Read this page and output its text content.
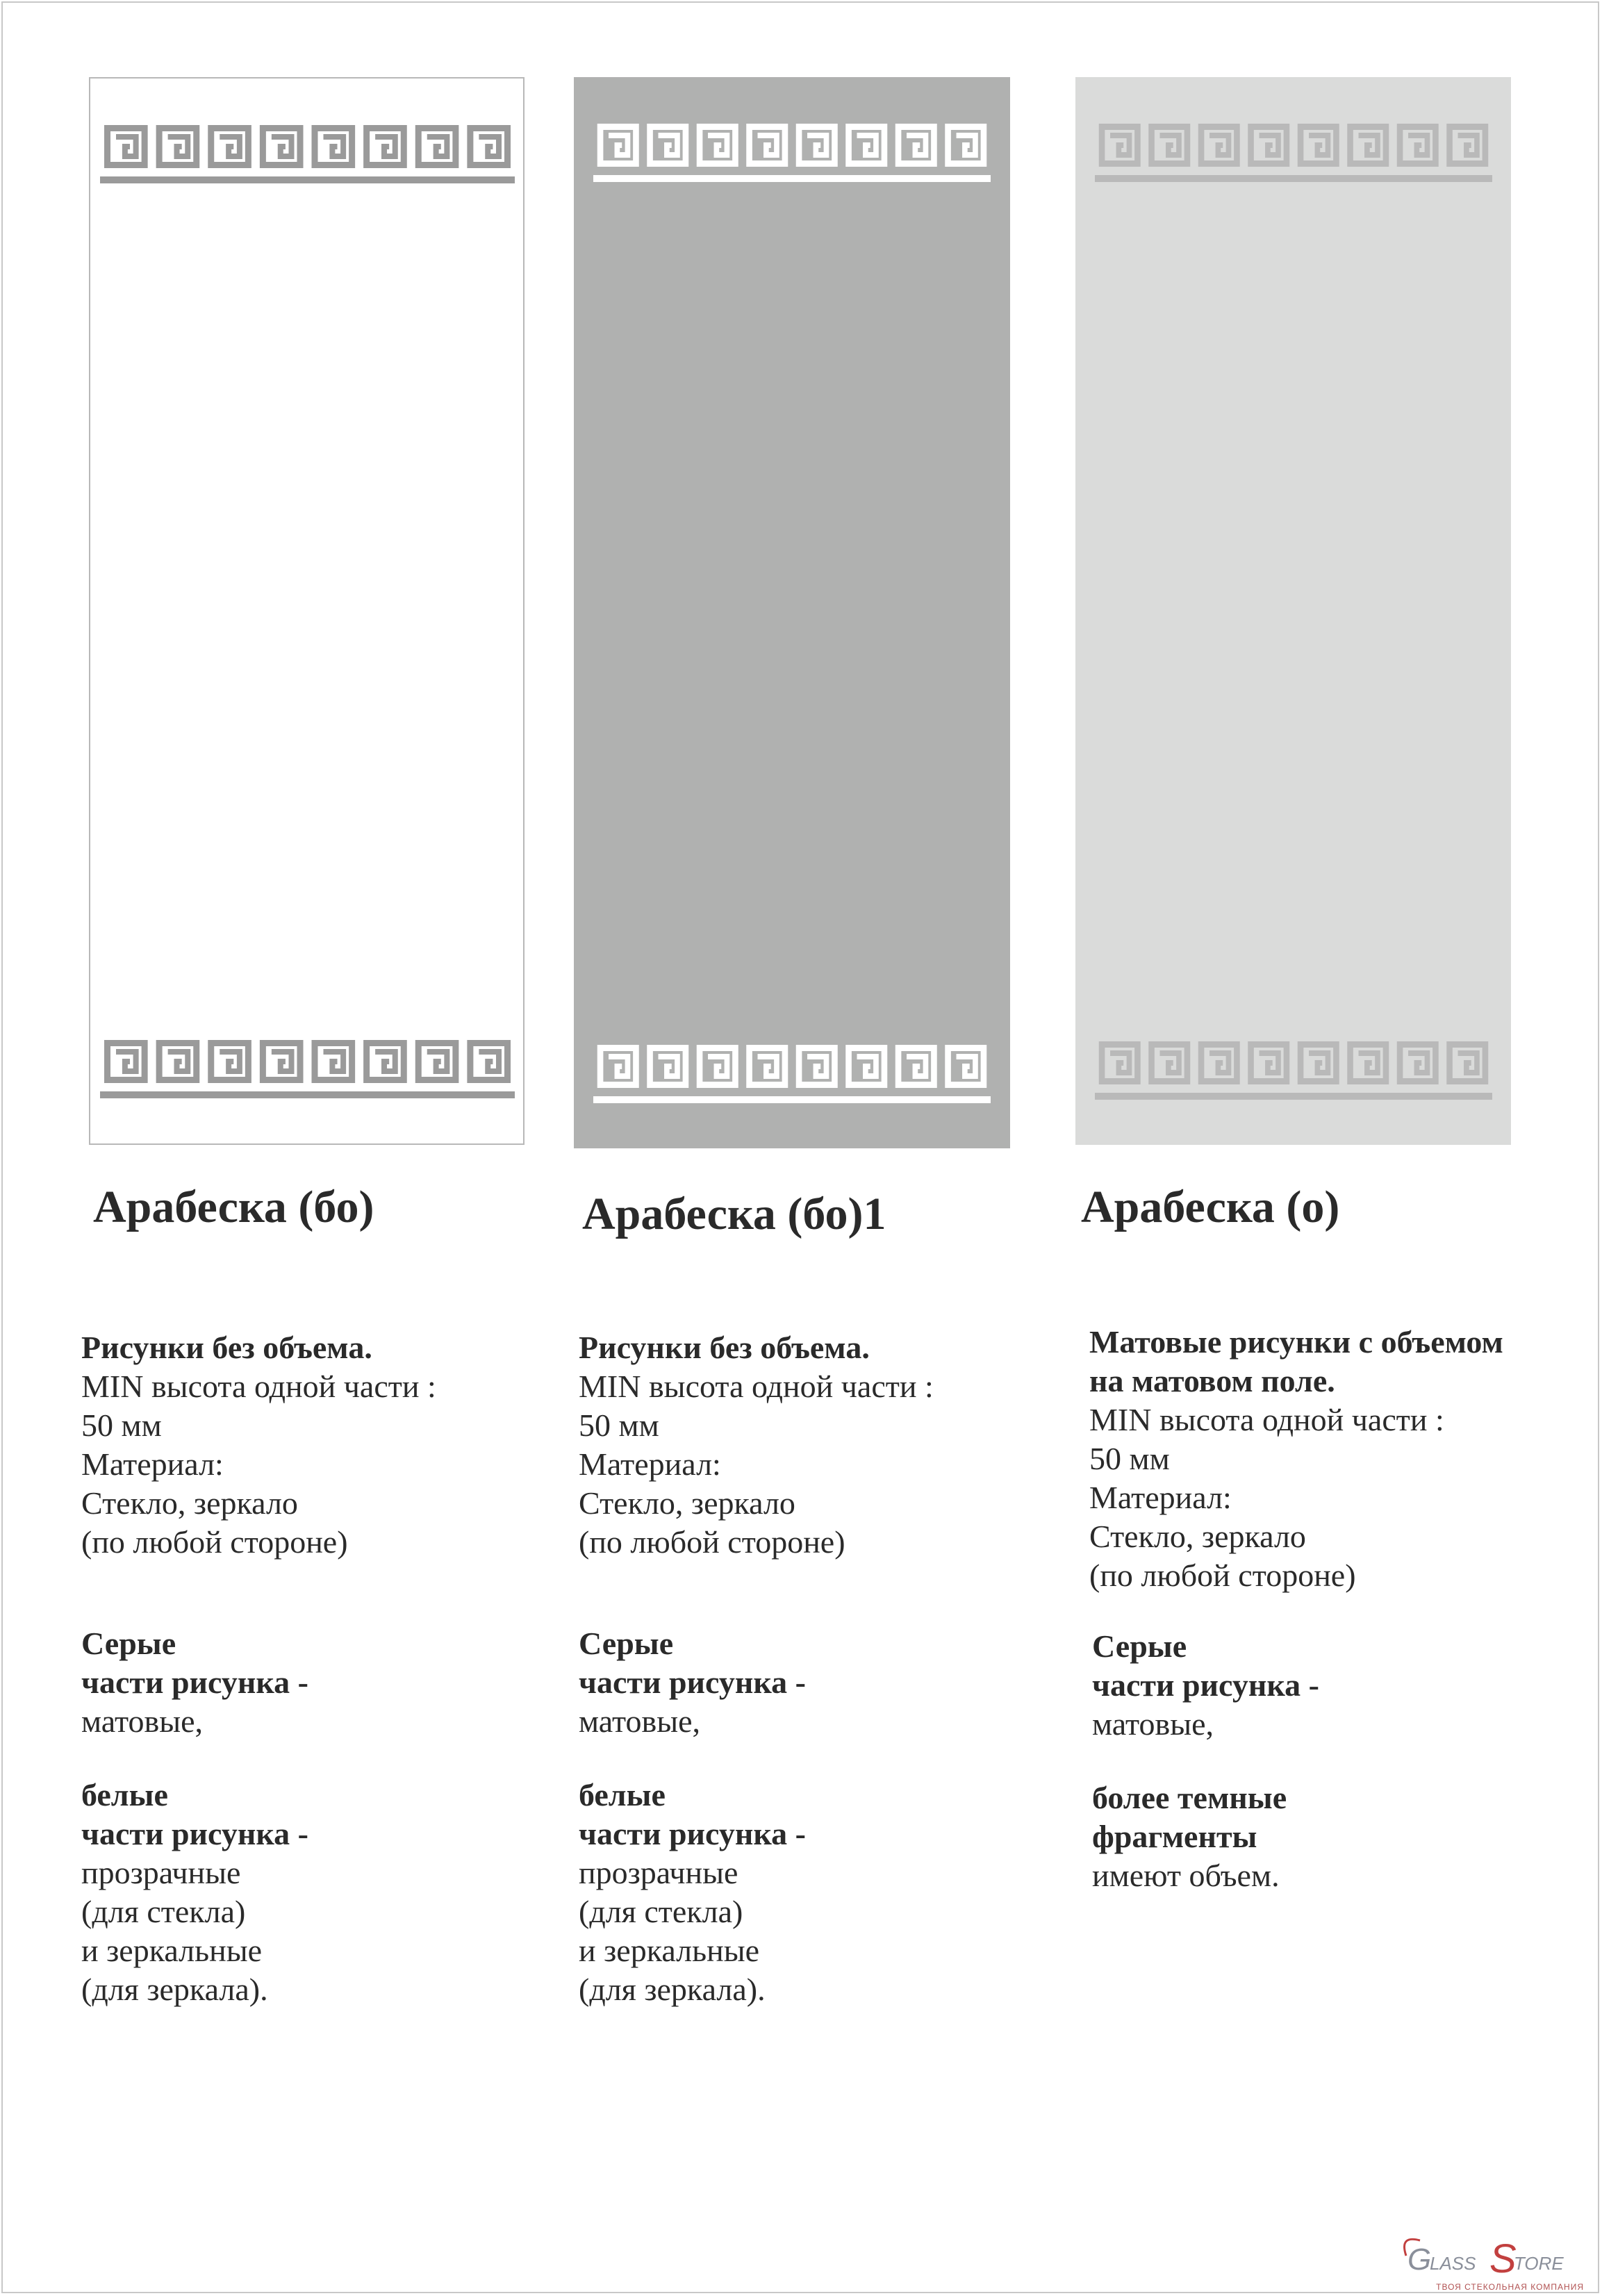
Арабеска (бо)	Арабеска (бо)1	Арабеска (о)

Рисунки без объема.

MIN высота одной части :

50 мм

Материал:

Стекло, зеркало

(по любой стороне)

Серые

части рисунка -

матовые,

белые

части рисунка -

прозрачные

(для стекла)

и зеркальные

(для зеркала).

Рисунки без объема.

MIN высота одной части :

50 мм

Материал:

Стекло, зеркало

(по любой стороне)

Серые

части рисунка -

матовые,

белые

части рисунка -

прозрачные

(для стекла)

и зеркальные

(для зеркала).

Матовые рисунки с объемом

на матовом поле.

MIN высота одной части :

50 мм

Материал:

Стекло, зеркало

(по любой стороне)

Серые

части рисунка -

матовые,

более темные

фрагменты

имеют объем.

G
LASS S
TORE
ТВОЯ СТЕКОЛЬНАЯ КОМПАНИЯ
